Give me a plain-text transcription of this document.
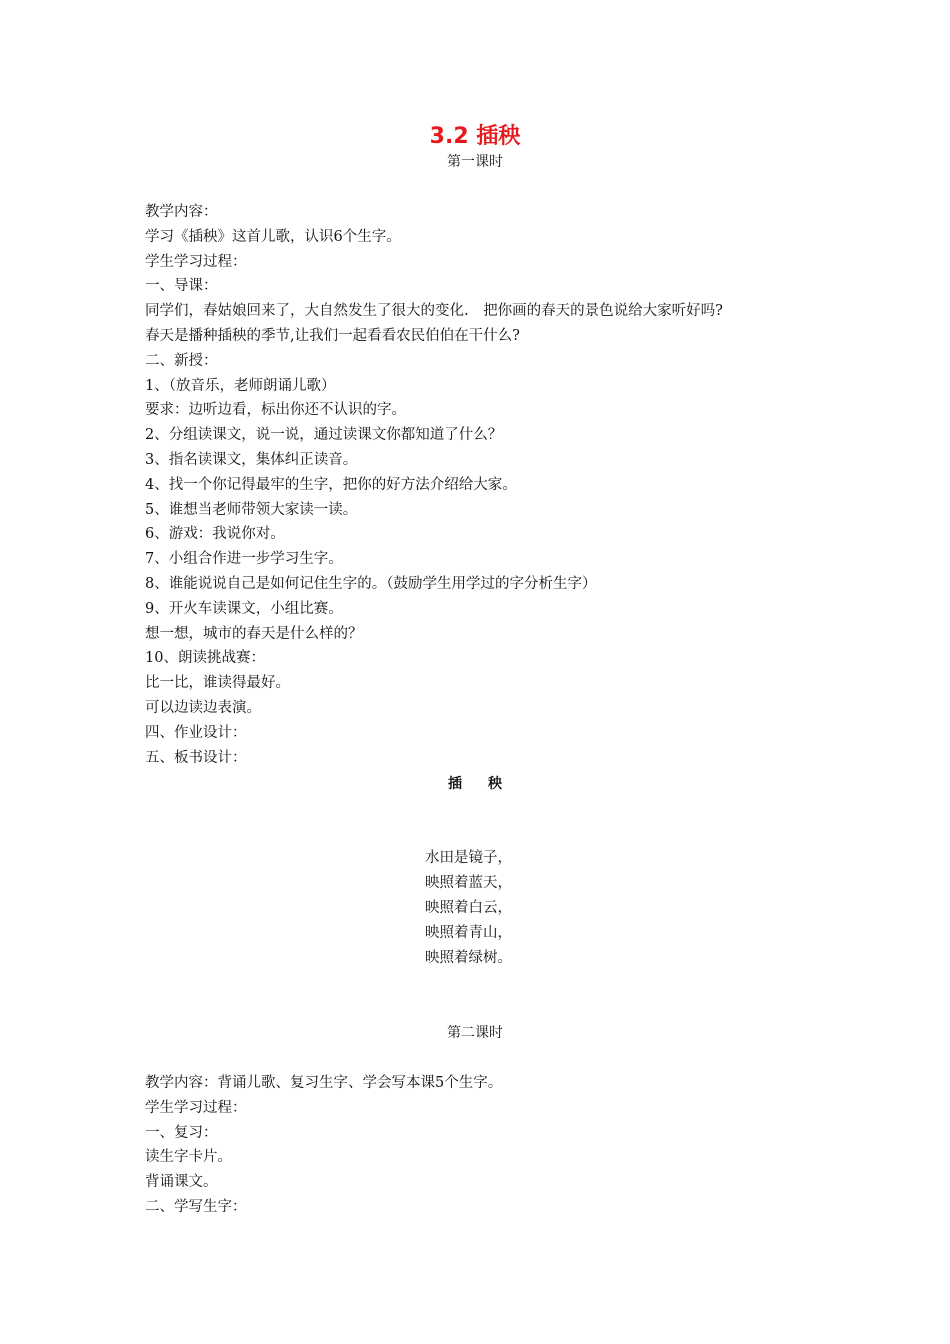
3.2 插秧
第一课时
教学内容：
学习《插秧》这首儿歌，认识6个生字。
学生学习过程：
一、导课：
同学们，春姑娘回来了，大自然发生了很大的变化.　把你画的春天的景色说给大家听好吗?
春天是播种插秧的季节,让我们一起看看农民伯伯在干什么?
二、新授：
1、（放音乐，老师朗诵儿歌）
要求：边听边看，标出你还不认识的字。
2、分组读课文，说一说，通过读课文你都知道了什么？
3、指名读课文，集体纠正读音。
4、找一个你记得最牢的生字，把你的好方法介绍给大家。
5、谁想当老师带领大家读一读。
6、游戏：我说你对。
7、小组合作进一步学习生字。
8、谁能说说自己是如何记住生字的。（鼓励学生用学过的字分析生字）
9、开火车读课文，小组比赛。
想一想，城市的春天是什么样的？
10、朗读挑战赛：
比一比，谁读得最好。
可以边读边表演。
四、作业设计：
五、板书设计：
插 秧
水田是镜子，
映照着蓝天，
映照着白云，
映照着青山，
映照着绿树。
第二课时
教学内容：背诵儿歌、复习生字、学会写本课5个生字。
学生学习过程：
一、复习：
读生字卡片。
背诵课文。
二、学写生字：
